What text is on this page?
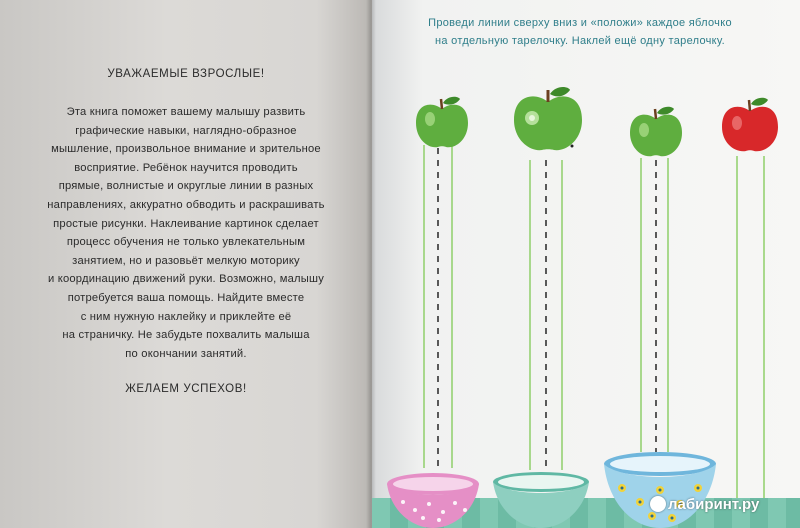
УВАЖАЕМЫЕ ВЗРОСЛЫЕ!
Эта книга поможет вашему малышу развить
графические навыки, наглядно-образное
мышление, произвольное внимание и зрительное
восприятие. Ребёнок научится проводить
прямые, волнистые и округлые линии в разных
направлениях, аккуратно обводить и раскрашивать
простые рисунки. Наклеивание картинок сделает
процесс обучения не только увлекательным
занятием, но и разовьёт мелкую моторику
и координацию движений руки. Возможно, малышу
потребуется ваша помощь. Найдите вместе
с ним нужную наклейку и приклейте её
на страничку. Не забудьте похвалить малыша
по окончании занятий.
ЖЕЛАЕМ УСПЕХОВ!
Проведи линии сверху вниз и «положи» каждое яблочко
на отдельную тарелочку. Наклей ещё одну тарелочку.
лабиринт.ру
